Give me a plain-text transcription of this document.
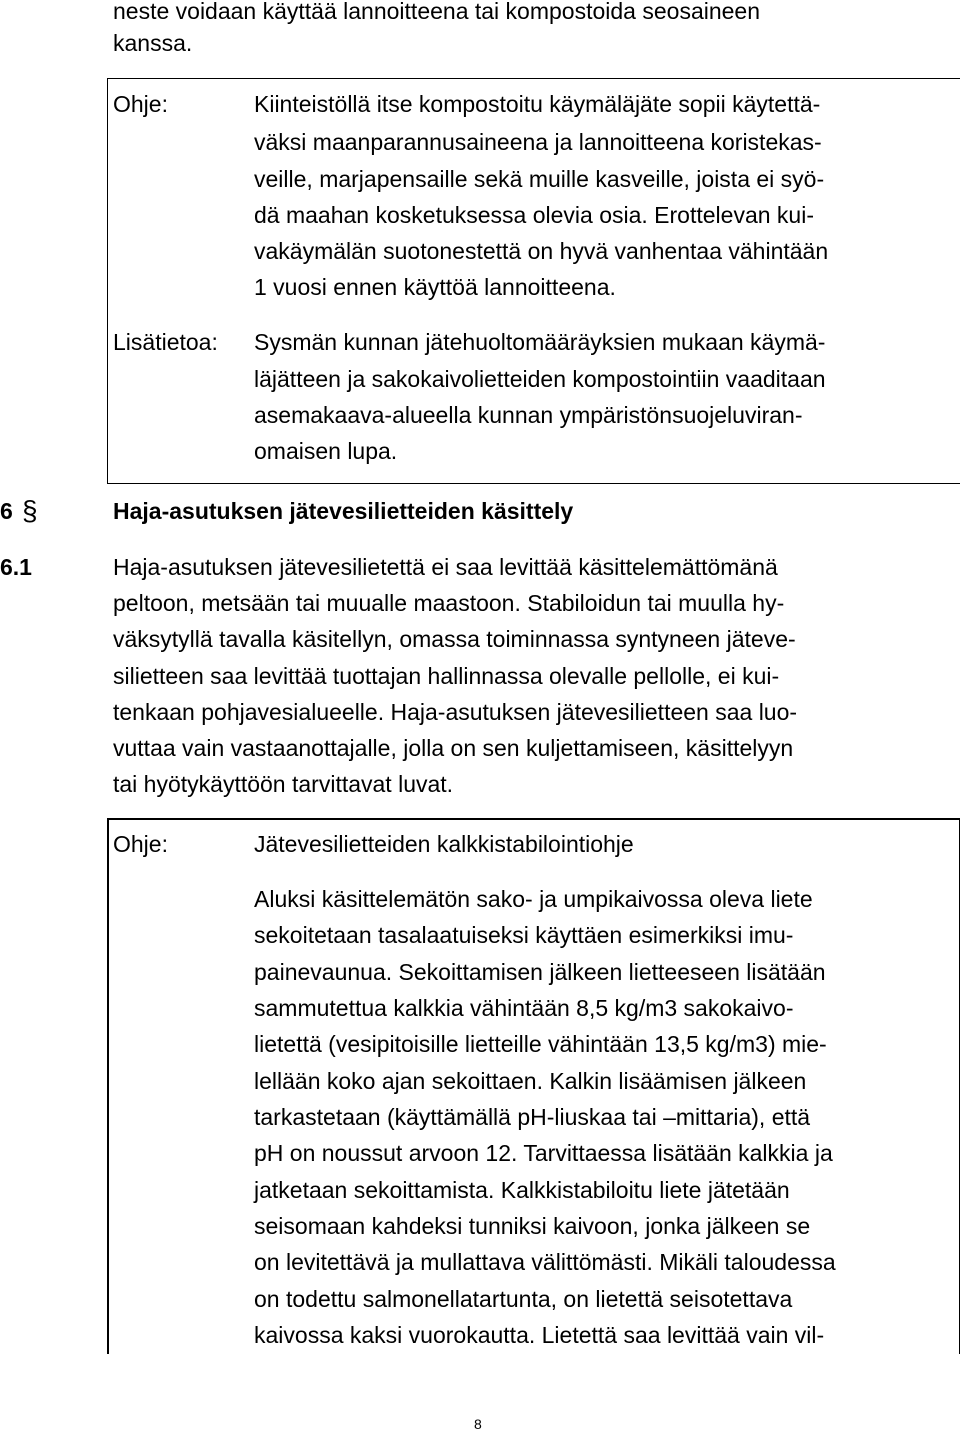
neste voidaan käyttää lannoitteena tai kompostoida seosaineen
kanssa.
Ohje:	Kiinteistöllä itse kompostoitu käymäläjäte sopii käytettä-
väksi maanparannusaineena ja lannoitteena koristekas-
veille, marjapensaille sekä muille kasveille, joista ei syö-
dä maahan kosketuksessa olevia osia. Erottelevan kui-
vakäymälän suotonestettä on hyvä vanhentaa vähintään
1 vuosi ennen käyttöä lannoitteena.
Lisätietoa: Sysmän kunnan jätehuoltomääräyksien mukaan käymä-
läjätteen ja sakokaivolietteiden kompostointiin vaaditaan
asemakaava-alueella kunnan ympäristönsuojeluviran-
omaisen lupa.
6 §	Haja-asutuksen jätevesilietteiden käsittely
6.1	Haja-asutuksen jätevesilietettä ei saa levittää käsittelemättömänä
peltoon, metsään tai muualle maastoon. Stabiloidun tai muulla hy-
väksytyllä tavalla käsitellyn, omassa toiminnassa syntyneen jäteve-
silietteen saa levittää tuottajan hallinnassa olevalle pellolle, ei kui-
tenkaan pohjavesialueelle. Haja-asutuksen jätevesilietteen saa luo-
vuttaa vain vastaanottajalle, jolla on sen kuljettamiseen, käsittelyyn
tai hyötykäyttöön tarvittavat luvat.
Ohje:	Jätevesilietteiden kalkkistabilointiohje
Aluksi käsittelemätön sako- ja umpikaivossa oleva liete
sekoitetaan tasalaatuiseksi käyttäen esimerkiksi imu-
painevaunua. Sekoittamisen jälkeen lietteeseen lisätään
sammutettua kalkkia vähintään 8,5 kg/m3 sakokaivo-
lietettä (vesipitoisille lietteille vähintään 13,5 kg/m3) mie-
lellään koko ajan sekoittaen. Kalkin lisäämisen jälkeen
tarkastetaan (käyttämällä pH-liuskaa tai –mittaria), että
pH on noussut arvoon 12. Tarvittaessa lisätään kalkkia ja
jatketaan sekoittamista. Kalkkistabiloitu liete jätetään
seisomaan kahdeksi tunniksi kaivoon, jonka jälkeen se
on levitettävä ja mullattava välittömästi. Mikäli taloudessa
on todettu salmonellatartunta, on lietettä seisotettava
kaivossa kaksi vuorokautta. Lietettä saa levittää vain vil-
8
